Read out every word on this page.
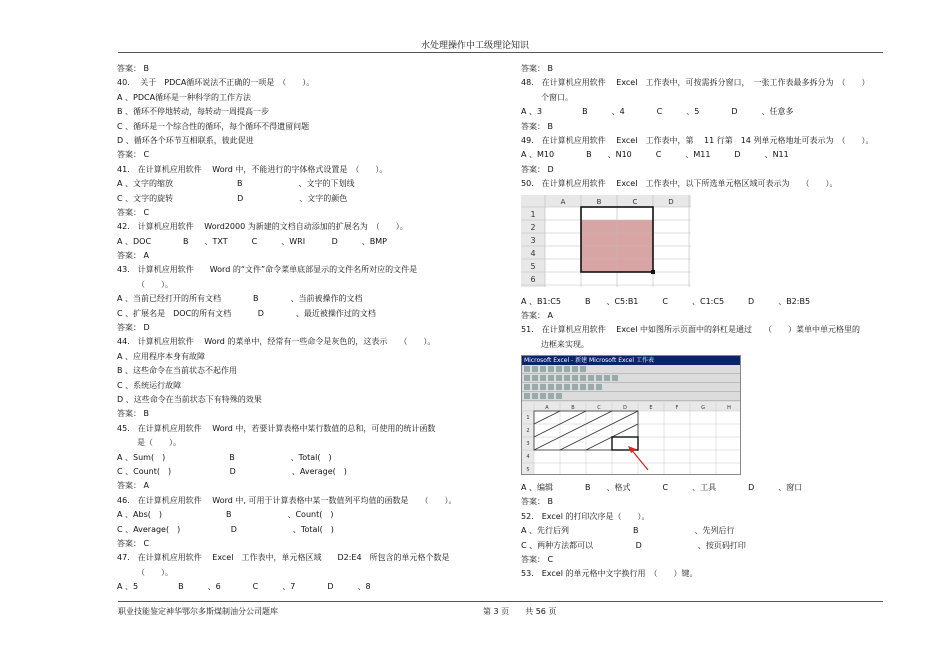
水处理操作中工级理论知识
答案： B
40.　 关于　PDCA循环说法不正确的一项是　（　　）。
A 、PDCA循环是一种科学的工作方法
B 、循环不停地转动，每转动一周提高一步
C 、循环是一个综合性的循环，每个循环不得遗留问题
D 、循环各个环节互相联系，彼此促进
答案： C
41.　在计算机应用软件　 Word 中，不能进行的字体格式设置是　（　　）。
A 、文字的缩放　　　　　　　　B　　　　　　　、文字的下划线
C 、文字的旋转　　　　　　　　D　　　　　　　、文字的颜色
答案： C
42.　计算机应用软件　 Word2000 为新建的文档自动添加的扩展名为　（　　）。
A 、DOC　　　　B　　、TXT　　　C　　　、WRI　　　 D　　　、BMP
答案： A
43.　计算机应用软件　　Word 的“文件”命令菜单底部显示的文件名所对应的文件是
（　　）。
A 、当前已经打开的所有文档　　　　B　　　　、当前被操作的文档
C 、扩展名是　DOC的所有文档　　　 D　　　　、最近被操作过的文档
答案： D
44.　计算机应用软件　 Word 的菜单中，经常有一些命令是灰色的，这表示　　（　　）。
A 、应用程序本身有故障
B 、这些命令在当前状态不起作用
C 、系统运行故障
D 、这些命令在当前状态下有特殊的效果
答案： B
45.　在计算机应用软件　 Word 中，若要计算表格中某行数值的总和，可使用的统计函数
是（　　）。
A 、Sum(　)　　　　　　　　B　　　　　　　、Total(　)
C 、Count(　)　　　　　　　 D　　　　　　　、Average(　)
答案： A
46.　在计算机应用软件　 Word 中, 可用于计算表格中某一数值列平均值的函数是　　（　　）。
A 、Abs(　)　　　　　　　　B　　　　　　　、Count(　)
C 、Average(　)　　　　　　 D　　　　　　　、Total(　)
答案： C
47.　在计算机应用软件　 Excel　工作表中，单元格区域　　D2:E4　所包含的单元格个数是
（　　）。
A 、5　　　　　B　　　、6　　　　C　　　、7　　　　D　　　、8
答案： B
48.　在计算机应用软件　 Excel　工作表中，可按需拆分窗口，　一张工作表最多拆分为　（　　）
个窗口。
A 、3　　　　　B　　　、4　　　　C　　　、5　　　　D　　　、任意多
答案： B
49.　在计算机应用软件　 Excel　工作表中，第　 11 行第　14 列单元格地址可表示为　（　　）。
A 、M10　　　　B　　、N10　　　C　　　、M11　　　D　　　、N11
答案： D
50.　在计算机应用软件　 Excel　工作表中，以下所选单元格区域可表示为　　（　　）。
A	B	C	D
1
2
3
4
5
6
A 、B1:C5　　　B　　、C5:B1　　　C　　　、C1:C5　　　D　　　、B2:B5
答案： A
51.　在计算机应用软件　 Excel 中如图所示页面中的斜杠是通过　　（　　）菜单中单元格里的
边框来实现。
Microsoft Excel - 新建 Microsoft Excel 工作表
A	B	C	D	E	F	G	H
1
2
3
4
5
A 、编辑　　　　B　　、格式　　　　C　　　、工具　　　　D　　　、窗口
答案： B
52.　Excel 的打印次序是（　　）。
A 、先行后列　　　　　　　　B　　　　　　　、先列后行
C 、两种方法都可以　　　　　 D　　　　　　　、按页码打印
答案： C
53.　Excel 的单元格中文字换行用　（　　）键。
职业技能鉴定神华鄂尔多斯煤制油分公司题库	第 3 页　　共 56 页
